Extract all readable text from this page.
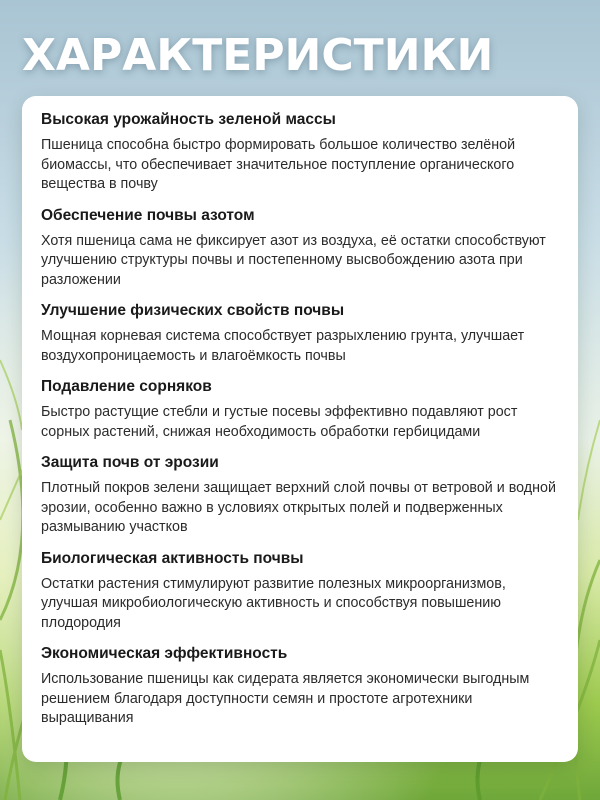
ХАРАКТЕРИСТИКИ
Высокая урожайность зеленой массы

Пшеница способна быстро формировать большое количество зелёной биомассы, что обеспечивает значительное поступление органического вещества в почву

Обеспечение почвы азотом

Хотя пшеница сама не фиксирует азот из воздуха, её остатки способствуют улучшению структуры почвы и постепенному высвобождению азота при разложении

Улучшение физических свойств почвы

Мощная корневая система способствует разрыхлению грунта, улучшает воздухопроницаемость и влагоёмкость почвы

Подавление сорняков

Быстро растущие стебли и густые посевы эффективно подавляют рост сорных растений, снижая необходимость обработки гербицидами

Защита почв от эрозии

Плотный покров зелени защищает верхний слой почвы от ветровой и водной эрозии, особенно важно в условиях открытых полей и подверженных размыванию участков

Биологическая активность почвы

Остатки растения стимулируют развитие полезных микроорганизмов, улучшая микробиологическую активность и способствуя повышению плодородия

Экономическая эффективность

Использование пшеницы как сидерата является экономически выгодным решением благодаря доступности семян и простоте агротехники выращивания
